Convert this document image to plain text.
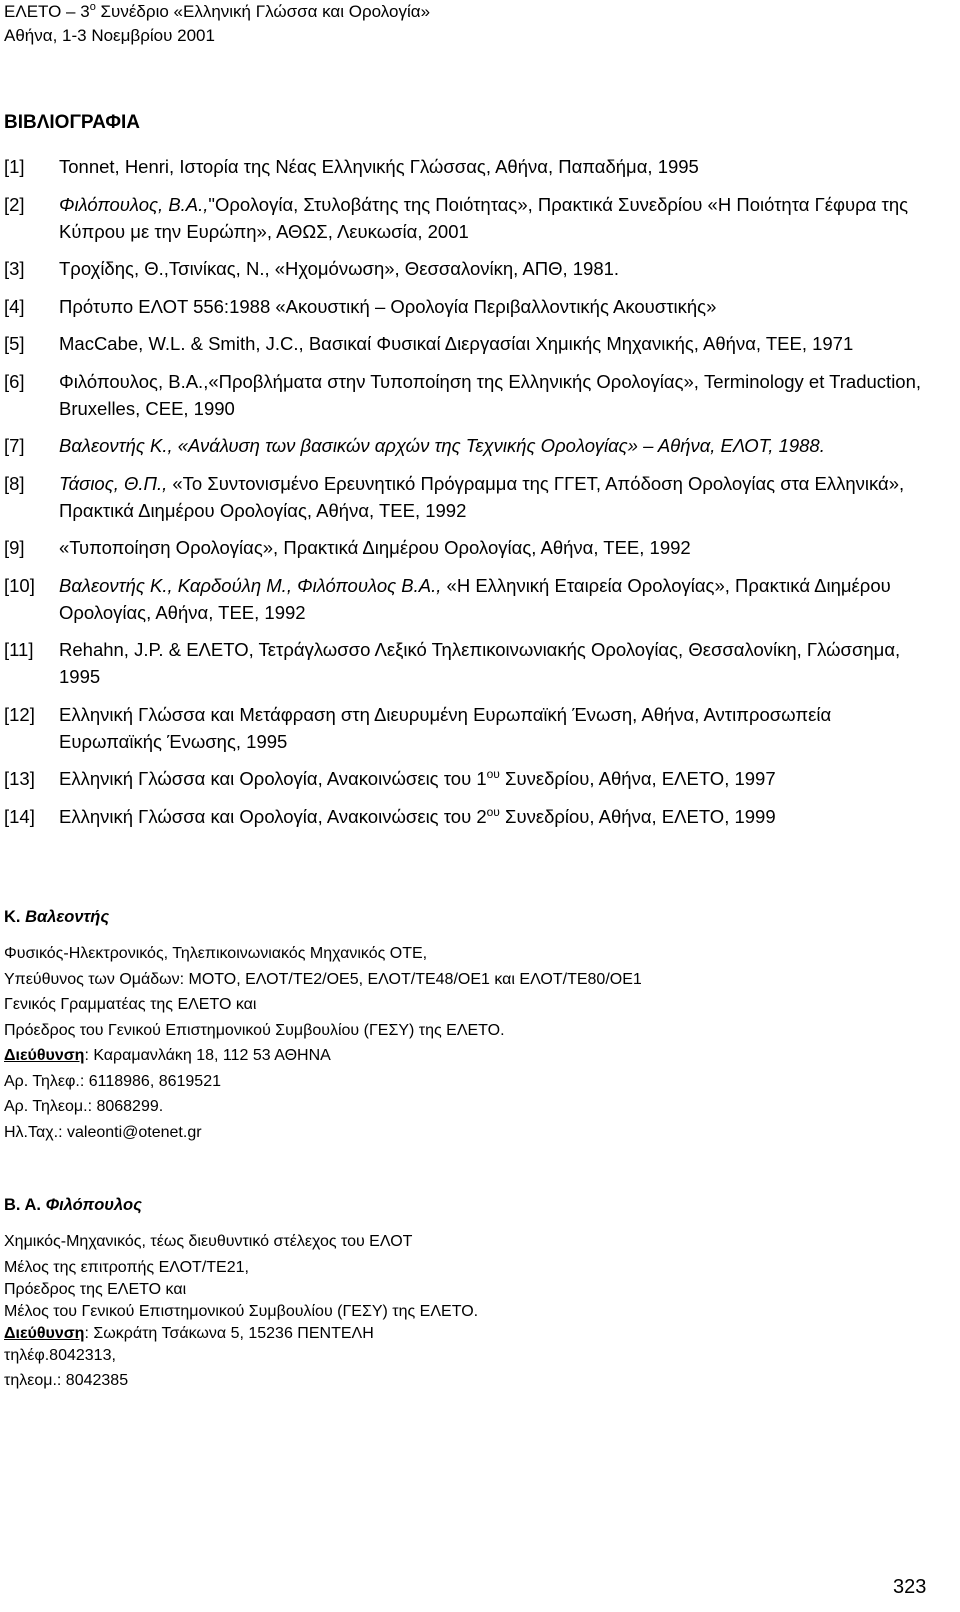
ΕΛΕΤΟ – $3^o$ Συνέδριο «Ελληνική Γλώσσα και Ορολογία»
Αθήνα, 1-3 Νοεμβρίου 2001
ΒΙΒΛΙΟΓΡΑΦΙΑ
[1]	Tonnet, Henri, Ιστορία της Νέας Ελληνικής Γλώσσας, Αθήνα, Παπαδήμα, 1995
[2]	Φιλόπουλος, Β.Α.,"Ορολογία, Στυλοβάτης της Ποιότητας», Πρακτικά Συνεδρίου «Η Ποιότητα Γέφυρα της Κύπρου με την Ευρώπη», ΑΘΩΣ, Λευκωσία, 2001
[3]	Τροχίδης, Θ.,Τσινίκας, Ν., «Ηχομόνωση», Θεσσαλονίκη, ΑΠΘ, 1981.
[4]	Πρότυπο ΕΛΟΤ 556:1988 «Ακουστική – Ορολογία Περιβαλλοντικής Ακουστικής»
[5]	MacCabe, W.L. & Smith, J.C., Βασικαί Φυσικαί Διεργασίαι Χημικής Μηχανικής, Αθήνα, ΤΕΕ, 1971
[6]	Φιλόπουλος, Β.Α.,«Προβλήματα στην Τυποποίηση της Ελληνικής Ορολογίας», Terminology et Traduction, Bruxelles, CEE, 1990
[7]	Βαλεοντής Κ., «Ανάλυση των βασικών αρχών της Τεχνικής Ορολογίας» – Αθήνα, ΕΛΟΤ, 1988.
[8]	Τάσιος, Θ.Π., «Το Συντονισμένο Ερευνητικό Πρόγραμμα της ΓΓΕΤ, Απόδοση Ορολογίας στα Ελληνικά», Πρακτικά Διημέρου Ορολογίας, Αθήνα, ΤΕΕ, 1992
[9]	«Τυποποίηση Ορολογίας», Πρακτικά Διημέρου Ορολογίας, Αθήνα, ΤΕΕ, 1992
[10]	Βαλεοντής Κ., Καρδούλη Μ., Φιλόπουλος Β.Α., «Η Ελληνική Εταιρεία Ορολογίας», Πρακτικά Διημέρου Ορολογίας, Αθήνα, ΤΕΕ, 1992
[11]	Rehahn, J.P. & ΕΛΕΤΟ, Τετράγλωσσο Λεξικό Τηλεπικοινωνιακής Ορολογίας, Θεσσαλονίκη, Γλώσσημα, 1995
[12]	Ελληνική Γλώσσα και Μετάφραση στη Διευρυμένη Ευρωπαϊκή Ένωση, Αθήνα, Αντιπροσωπεία Ευρωπαϊκής Ένωσης, 1995
[13]	Ελληνική Γλώσσα και Ορολογία, Ανακοινώσεις του $1^{o\upsilon}$ Συνεδρίου, Αθήνα, ΕΛΕΤΟ, 1997
[14]	Ελληνική Γλώσσα και Ορολογία, Ανακοινώσεις του $2^{o\upsilon}$ Συνεδρίου, Αθήνα, ΕΛΕΤΟ, 1999
Κ. Βαλεοντής
Φυσικός-Ηλεκτρονικός, Τηλεπικοινωνιακός Μηχανικός ΟΤΕ,
Υπεύθυνος των Ομάδων: ΜΟΤΟ, ΕΛΟΤ/ΤΕ2/ΟΕ5, ΕΛΟΤ/ΤΕ48/ΟΕ1 και ΕΛΟΤ/ΤΕ80/ΟΕ1
Γενικός Γραμματέας της ΕΛΕΤΟ και
Πρόεδρος του Γενικού Επιστημονικού Συμβουλίου (ΓΕΣΥ) της ΕΛΕΤΟ.
Διεύθυνση: Καραμανλάκη 18, 112 53 ΑΘΗΝΑ
Αρ. Τηλεφ.: 6118986, 8619521
Αρ. Τηλεομ.: 8068299.
Ηλ.Ταχ.: valeonti@otenet.gr
Β. Α. Φιλόπουλος
Χημικός-Μηχανικός, τέως διευθυντικό στέλεχος του ΕΛΟΤ
Μέλος της επιτροπής ΕΛΟΤ/ΤΕ21,
Πρόεδρος της ΕΛΕΤΟ και
Μέλος του Γενικού Επιστημονικού Συμβουλίου (ΓΕΣΥ) της ΕΛΕΤΟ.
Διεύθυνση: Σωκράτη Τσάκωνα 5, 15236 ΠΕΝΤΕΛΗ
τηλέφ.8042313,
τηλεομ.: 8042385
323
